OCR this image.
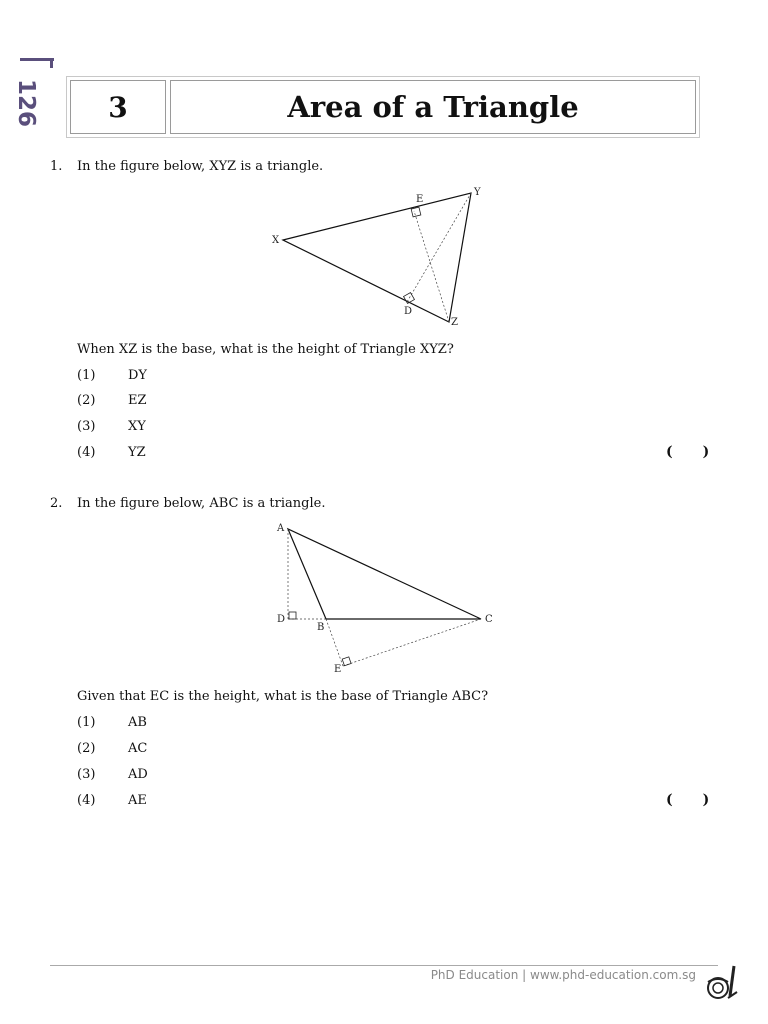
126	3	Area of a Triangle
1. In the figure below, XYZ is a triangle.
X
Y
Z
E
D
When XZ is the base, what is the height of Triangle XYZ?
(1)	DY
(2)	EZ
(3)	XY
(4)	YZ	( )
2. In the figure below, ABC is a triangle.
A
B
C
D
E
Given that EC is the height, what is the base of Triangle ABC?
(1)	AB
(2)	AC
(3)	AD
(4)	AE	( )
PhD Education | www.phd-education.com.sg
